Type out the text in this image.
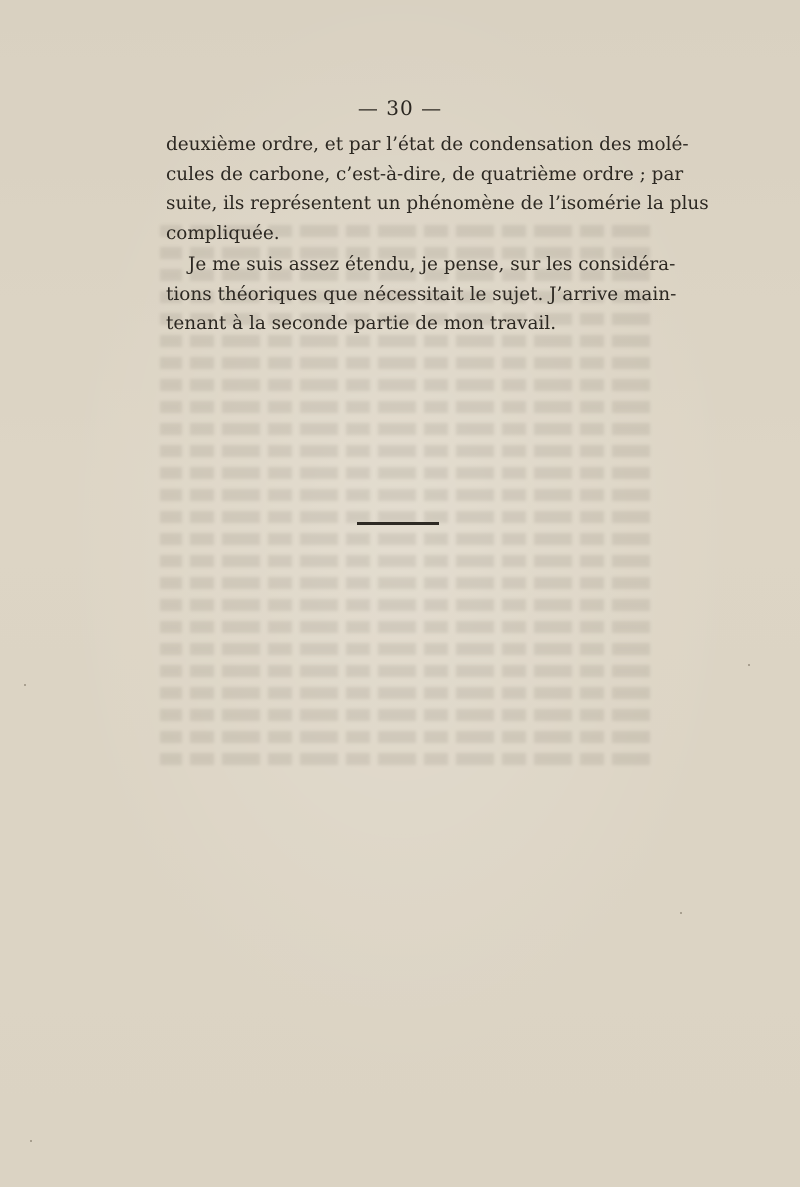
— 30 —

deuxième ordre, et par l’état de condensation des molé-
cules de carbone, c’est-à-dire, de quatrième ordre ; par
suite, ils représentent un phénomène de l’isomérie la plus
compliquée.

Je me suis assez étendu, je pense, sur les considéra-
tions théoriques que nécessitait le sujet. J’arrive main-
tenant à la seconde partie de mon travail.
